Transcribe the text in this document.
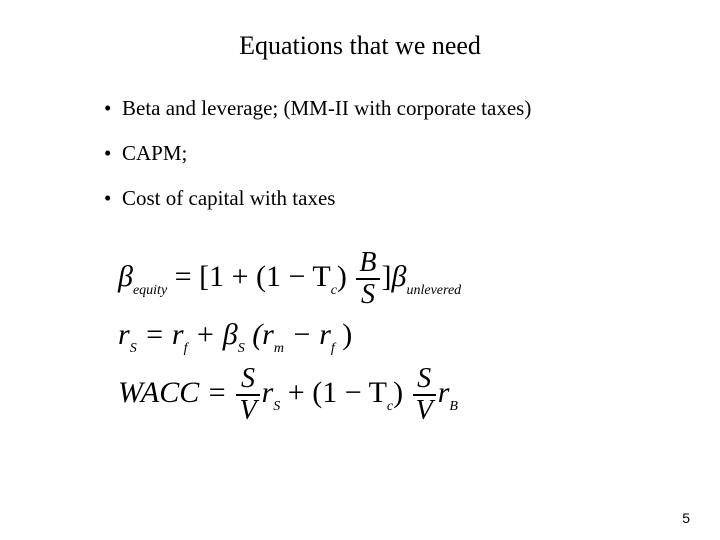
Equations that we need
• Beta and leverage; (MM-II with corporate taxes)
• CAPM;
• Cost of capital with taxes
$\beta_{equity} = [1 + (1 - T_c) \frac{B}{S} ]\beta_{unlevered}$
$r_S = r_f + \beta_S$ ($r_m - r_f$ )
WACC = $\frac{S}{V} r_S + (1 - T_c) \frac{S}{V} r_B$
5
